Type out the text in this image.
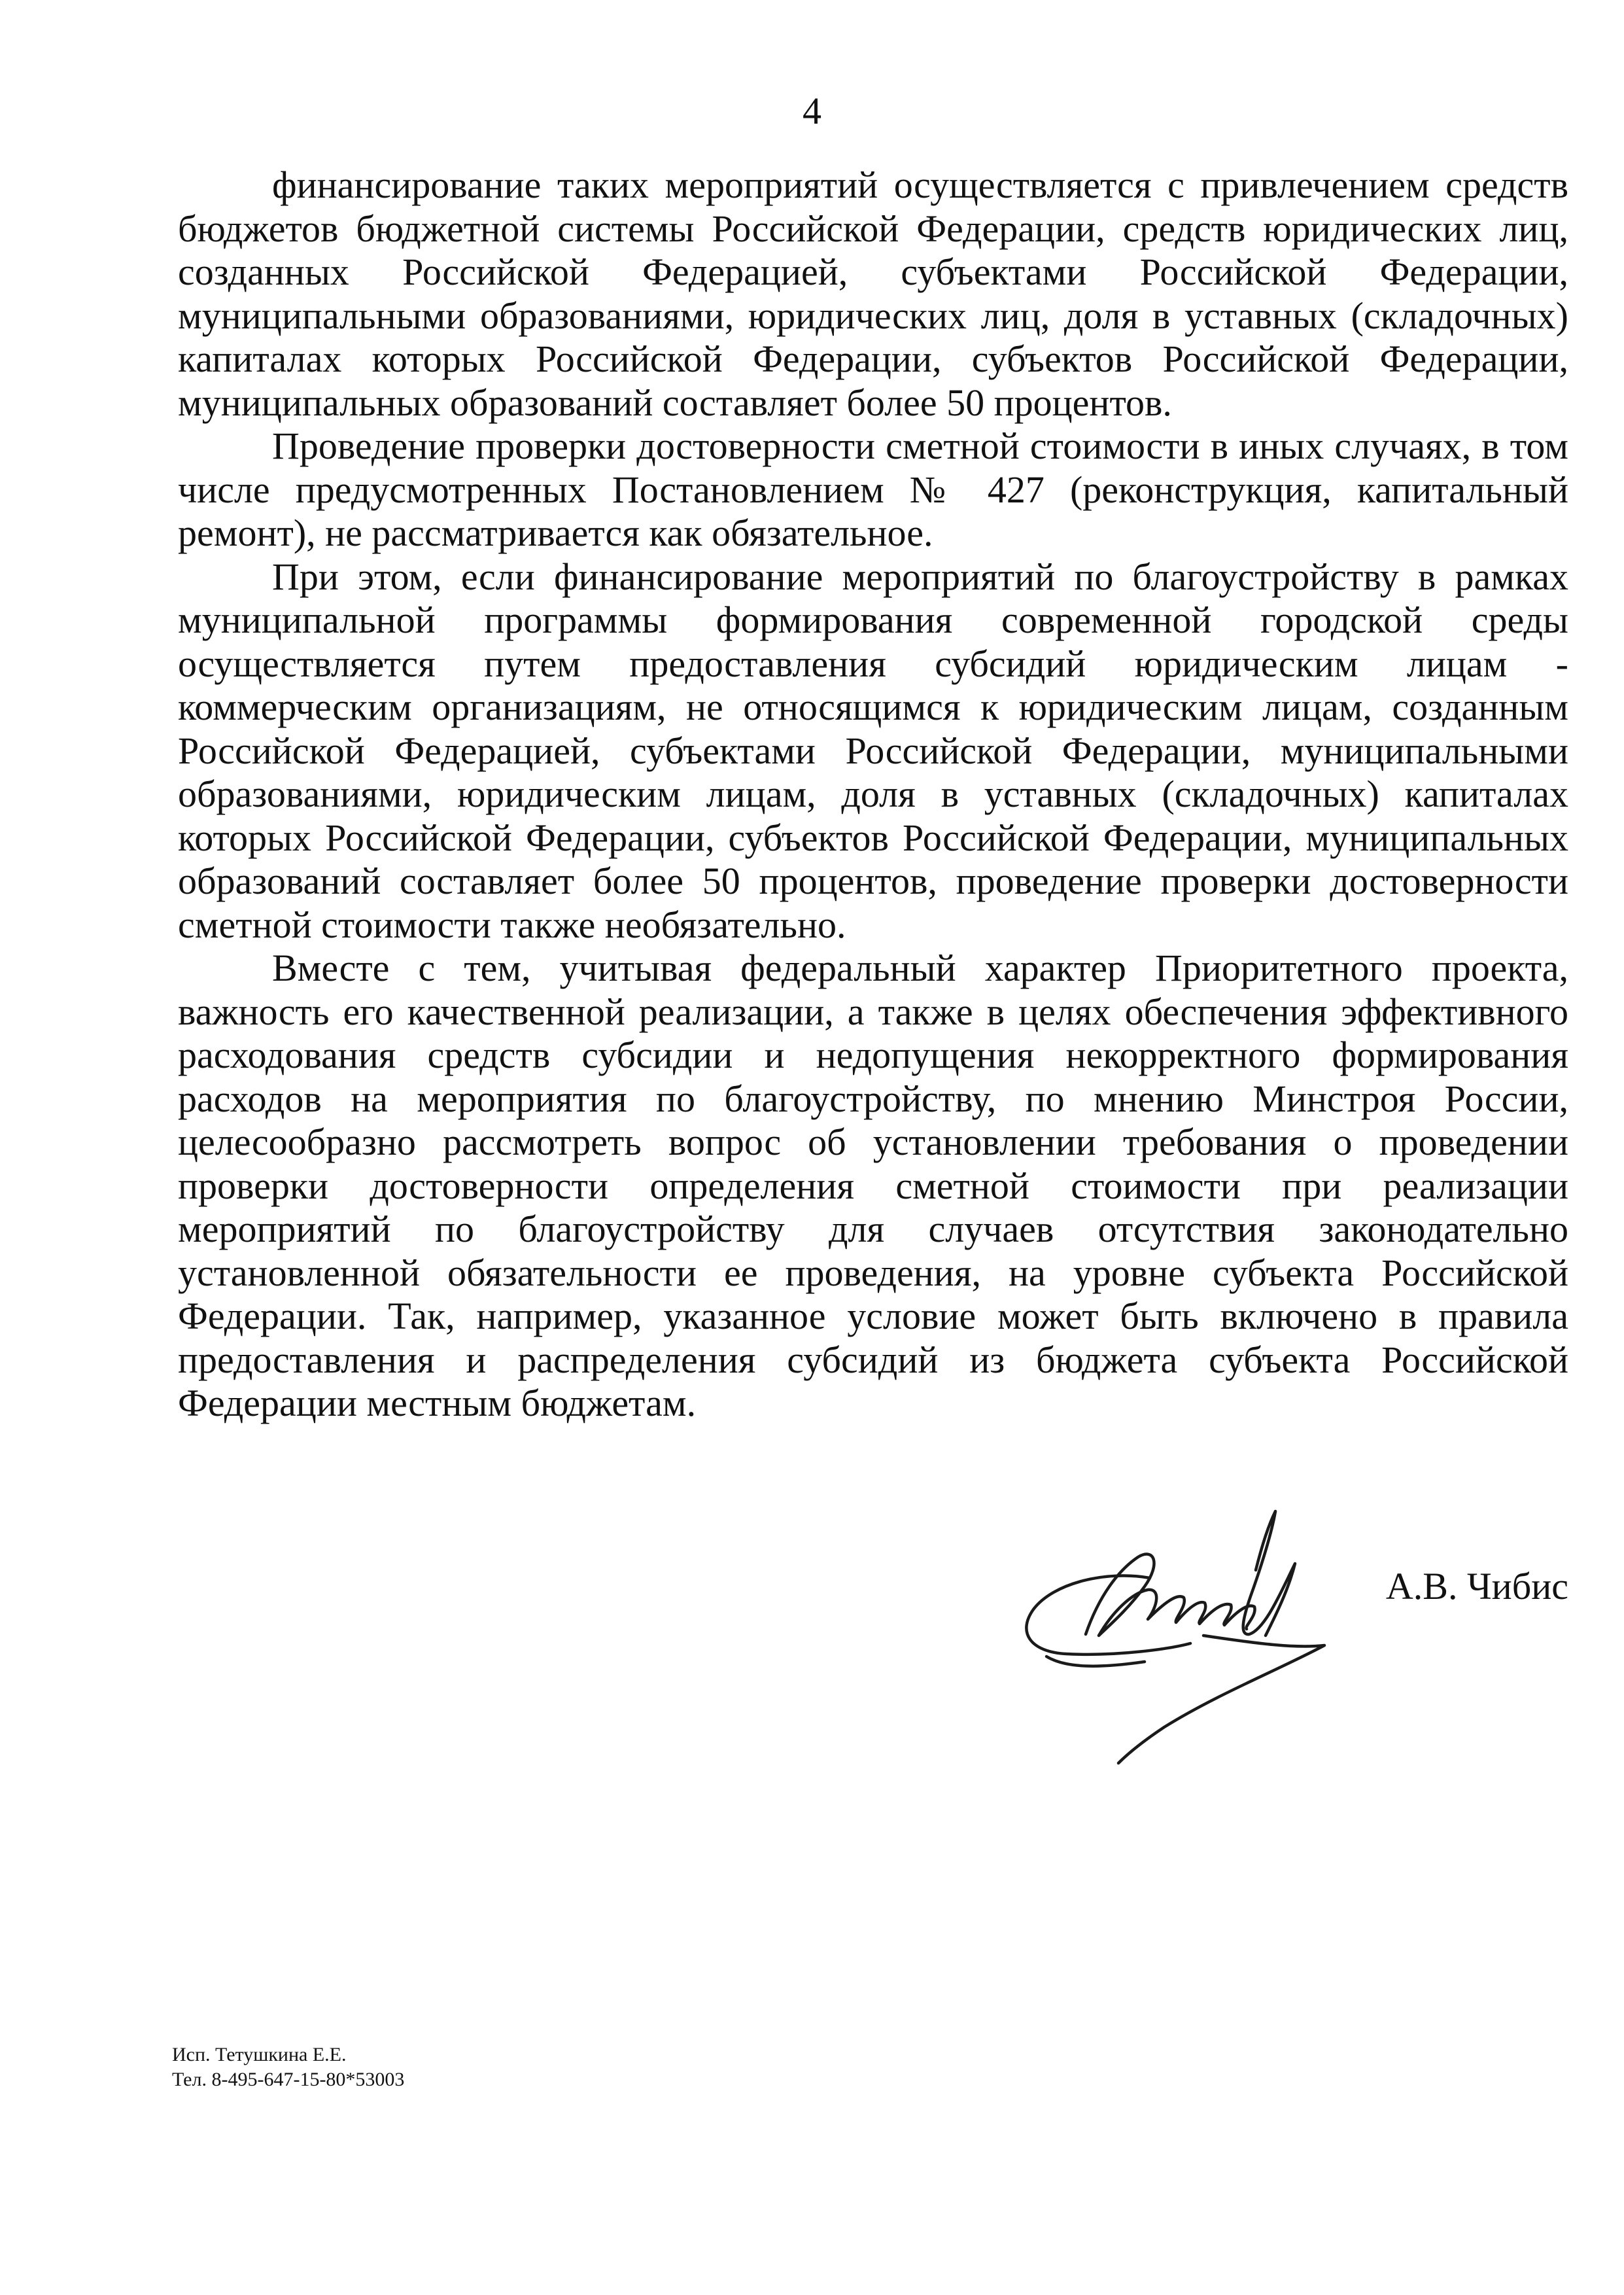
4

финансирование таких мероприятий осуществляется с привлечением средств
бюджетов бюджетной системы Российской Федерации, средств юридических лиц,
созданных Российской Федерацией, субъектами Российской Федерации,
муниципальными образованиями, юридических лиц, доля в уставных (складочных)
капиталах которых Российской Федерации, субъектов Российской Федерации,
муниципальных образований составляет более 50 процентов.

Проведение проверки достоверности сметной стоимости в иных случаях, в том
числе предусмотренных Постановлением № 427 (реконструкция, капитальный
ремонт), не рассматривается как обязательное.

При этом, если финансирование мероприятий по благоустройству в рамках
муниципальной программы формирования современной городской среды
осуществляется путем предоставления субсидий юридическим лицам -
коммерческим организациям, не относящимся к юридическим лицам, созданным
Российской Федерацией, субъектами Российской Федерации, муниципальными
образованиями, юридическим лицам, доля в уставных (складочных) капиталах
которых Российской Федерации, субъектов Российской Федерации, муниципальных
образований составляет более 50 процентов, проведение проверки достоверности
сметной стоимости также необязательно.

Вместе с тем, учитывая федеральный характер Приоритетного проекта,
важность его качественной реализации, а также в целях обеспечения эффективного
расходования средств субсидии и недопущения некорректного формирования
расходов на мероприятия по благоустройству, по мнению Минстроя России,
целесообразно рассмотреть вопрос об установлении требования о проведении
проверки достоверности определения сметной стоимости при реализации
мероприятий по благоустройству для случаев отсутствия законодательно
установленной обязательности ее проведения, на уровне субъекта Российской
Федерации. Так, например, указанное условие может быть включено в правила
предоставления и распределения субсидий из бюджета субъекта Российской
Федерации местным бюджетам.

А.В. Чибис
Исп. Тетушкина Е.Е.
Тел. 8-495-647-15-80*53003
